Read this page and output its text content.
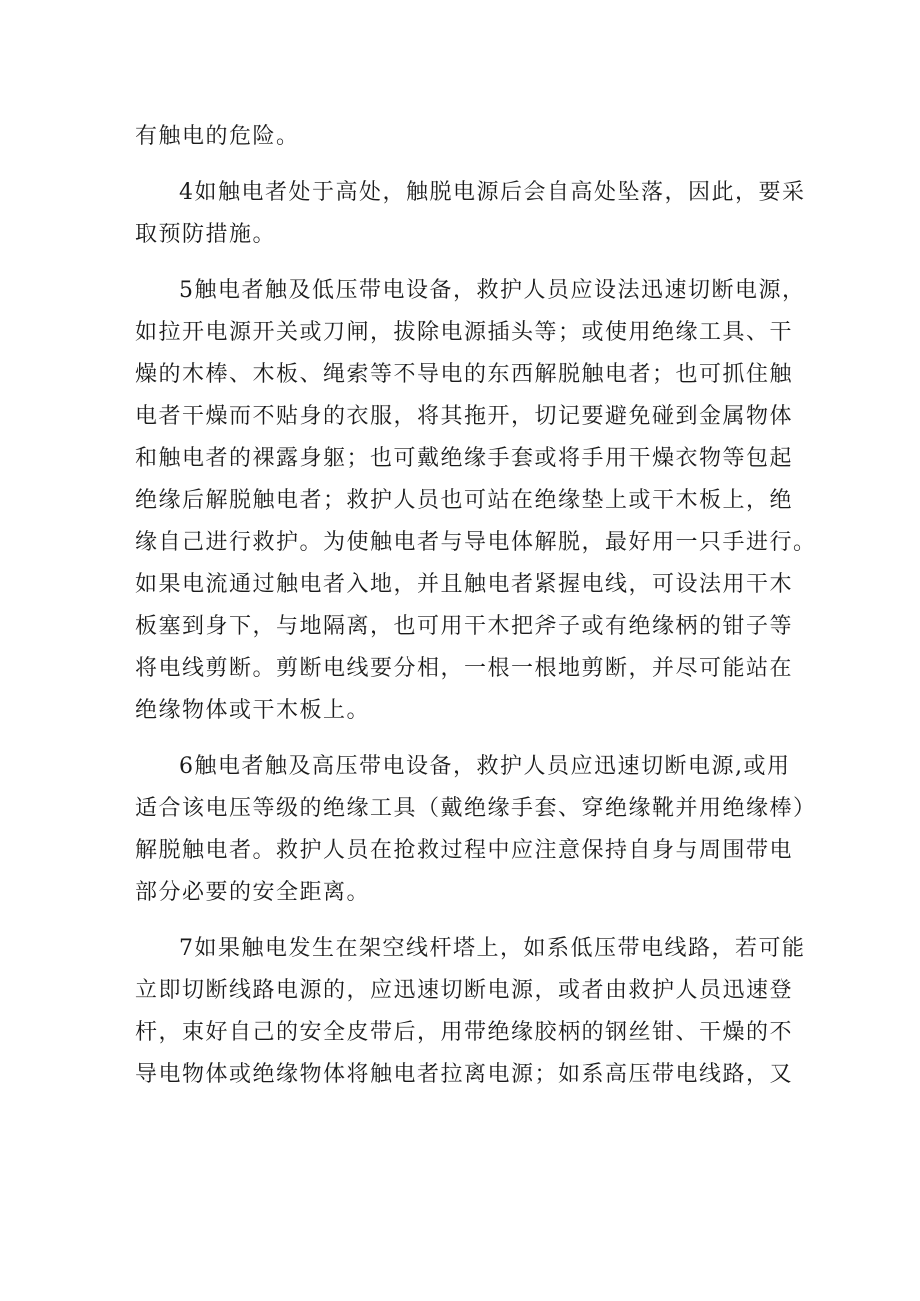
有触电的危险。
4如触电者处于高处，触脱电源后会自高处坠落，因此，要采
取预防措施。
5触电者触及低压带电设备，救护人员应设法迅速切断电源，
如拉开电源开关或刀闸，拔除电源插头等；或使用绝缘工具、干
燥的木棒、木板、绳索等不导电的东西解脱触电者；也可抓住触
电者干燥而不贴身的衣服，将其拖开，切记要避免碰到金属物体
和触电者的裸露身躯；也可戴绝缘手套或将手用干燥衣物等包起
绝缘后解脱触电者；救护人员也可站在绝缘垫上或干木板上，绝
缘自己进行救护。为使触电者与导电体解脱，最好用一只手进行。
如果电流通过触电者入地，并且触电者紧握电线，可设法用干木
板塞到身下，与地隔离，也可用干木把斧子或有绝缘柄的钳子等
将电线剪断。剪断电线要分相，一根一根地剪断，并尽可能站在
绝缘物体或干木板上。
6触电者触及高压带电设备，救护人员应迅速切断电源,或用
适合该电压等级的绝缘工具（戴绝缘手套、穿绝缘靴并用绝缘棒）
解脱触电者。救护人员在抢救过程中应注意保持自身与周围带电
部分必要的安全距离。
7如果触电发生在架空线杆塔上，如系低压带电线路，若可能
立即切断线路电源的，应迅速切断电源，或者由救护人员迅速登
杆，束好自己的安全皮带后，用带绝缘胶柄的钢丝钳、干燥的不
导电物体或绝缘物体将触电者拉离电源；如系高压带电线路，又
